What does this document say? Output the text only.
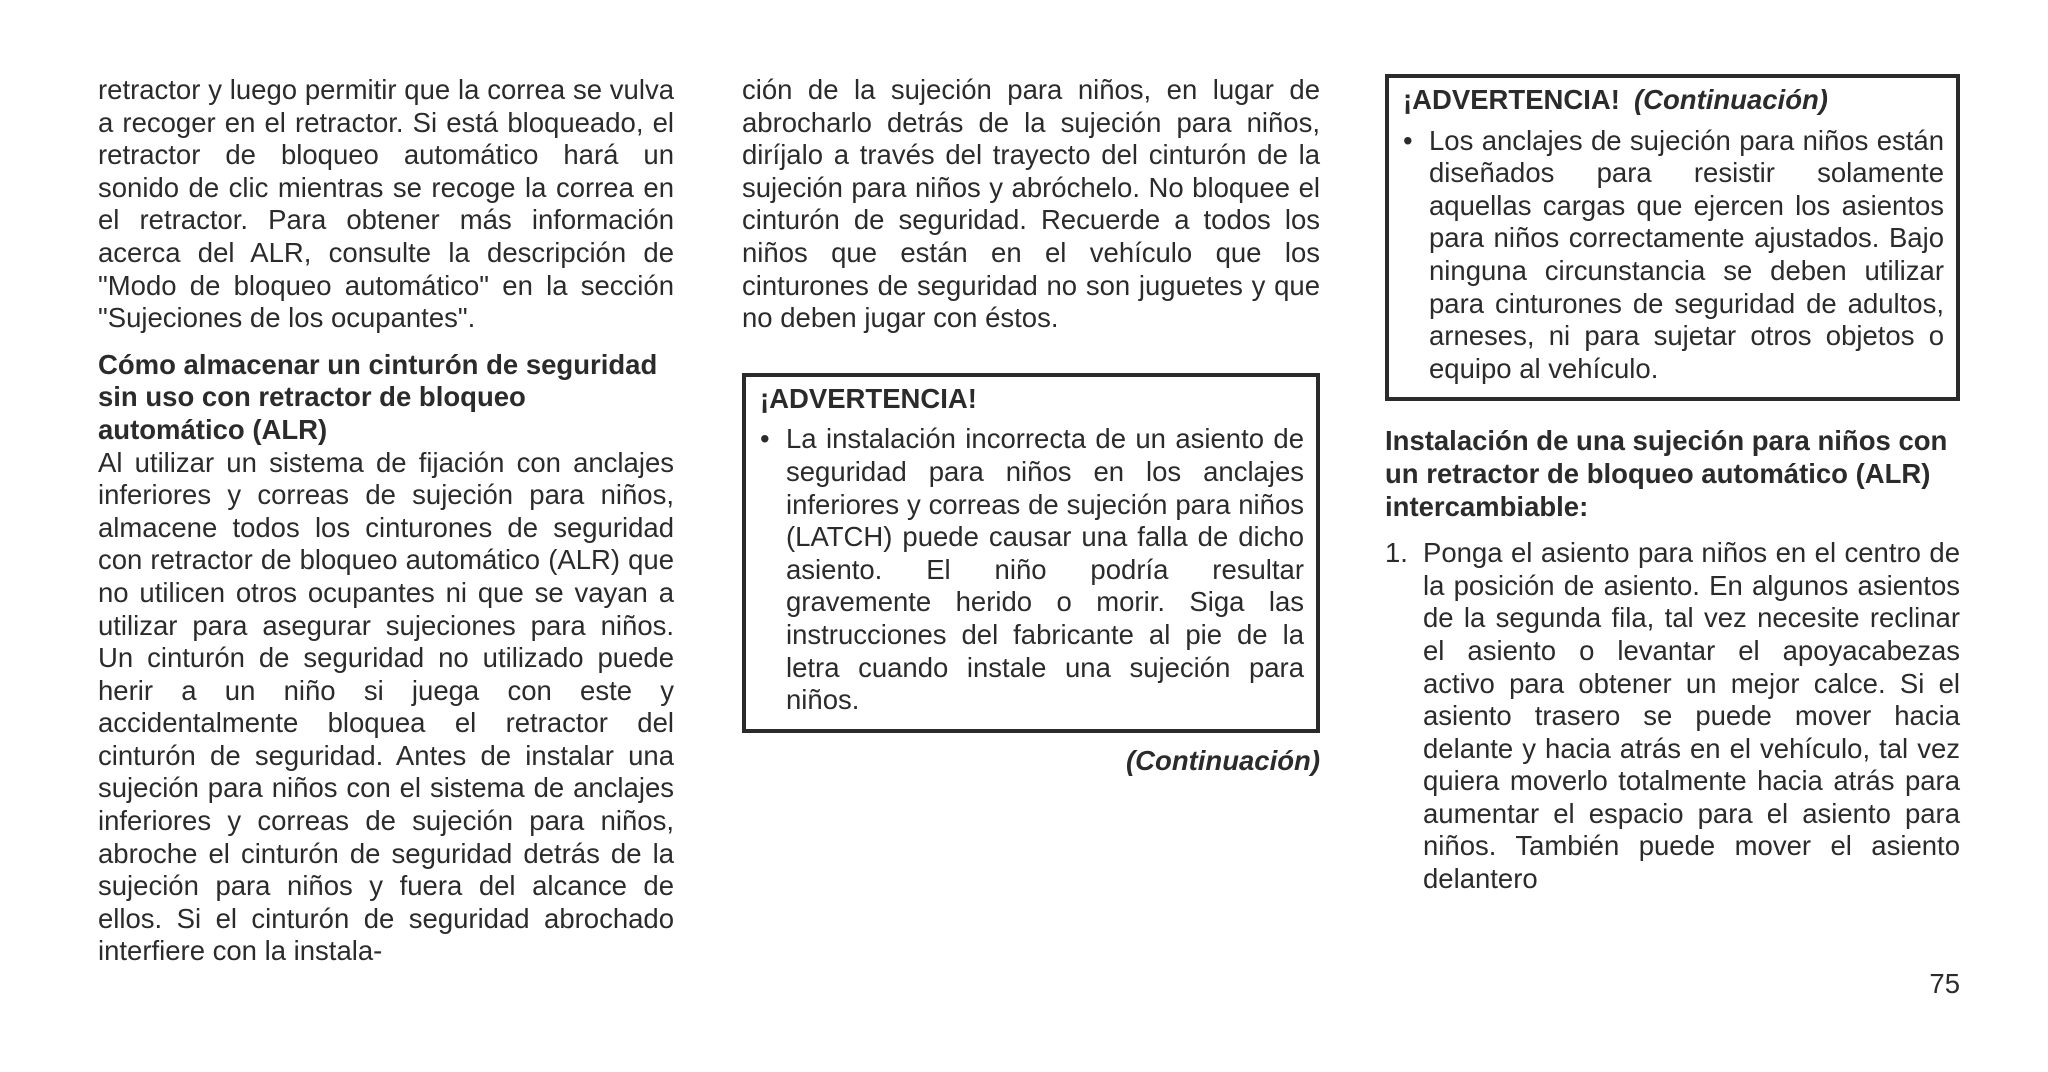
retractor y luego permitir que la correa se vulva a recoger en el retractor. Si está bloqueado, el retractor de bloqueo automático hará un sonido de clic mientras se recoge la correa en el retractor. Para obtener más información acerca del ALR, consulte la descripción de "Modo de bloqueo automático" en la sección "Sujeciones de los ocupantes".

Cómo almacenar un cinturón de seguridad sin uso con retractor de bloqueo automático (ALR)

Al utilizar un sistema de fijación con anclajes inferiores y correas de sujeción para niños, almacene todos los cinturones de seguridad con retractor de bloqueo automático (ALR) que no utilicen otros ocupantes ni que se vayan a utilizar para asegurar sujeciones para niños. Un cinturón de seguridad no utilizado puede herir a un niño si juega con este y accidentalmente bloquea el retractor del cinturón de seguridad. Antes de instalar una sujeción para niños con el sistema de anclajes inferiores y correas de sujeción para niños, abroche el cinturón de seguridad detrás de la sujeción para niños y fuera del alcance de ellos. Si el cinturón de seguridad abrochado interfiere con la instala-

ción de la sujeción para niños, en lugar de abrocharlo detrás de la sujeción para niños, diríjalo a través del trayecto del cinturón de la sujeción para niños y abróchelo. No bloquee el cinturón de seguridad. Recuerde a todos los niños que están en el vehículo que los cinturones de seguridad no son juguetes y que no deben jugar con éstos.

¡ADVERTENCIA!

• La instalación incorrecta de un asiento de seguridad para niños en los anclajes inferiores y correas de sujeción para niños (LATCH) puede causar una falla de dicho asiento. El niño podría resultar gravemente herido o morir. Siga las instrucciones del fabricante al pie de la letra cuando instale una sujeción para niños.
(Continuación)

¡ADVERTENCIA! (Continuación)

• Los anclajes de sujeción para niños están diseñados para resistir solamente aquellas cargas que ejercen los asientos para niños correctamente ajustados. Bajo ninguna circunstancia se deben utilizar para cinturones de seguridad de adultos, arneses, ni para sujetar otros objetos o equipo al vehículo.
Instalación de una sujeción para niños con un retractor de bloqueo automático (ALR) intercambiable:
1. Ponga el asiento para niños en el centro de la posición de asiento. En algunos asientos de la segunda fila, tal vez necesite reclinar el asiento o levantar el apoyacabezas activo para obtener un mejor calce. Si el asiento trasero se puede mover hacia delante y hacia atrás en el vehículo, tal vez quiera moverlo totalmente hacia atrás para aumentar el espacio para el asiento para niños. También puede mover el asiento delantero
75
